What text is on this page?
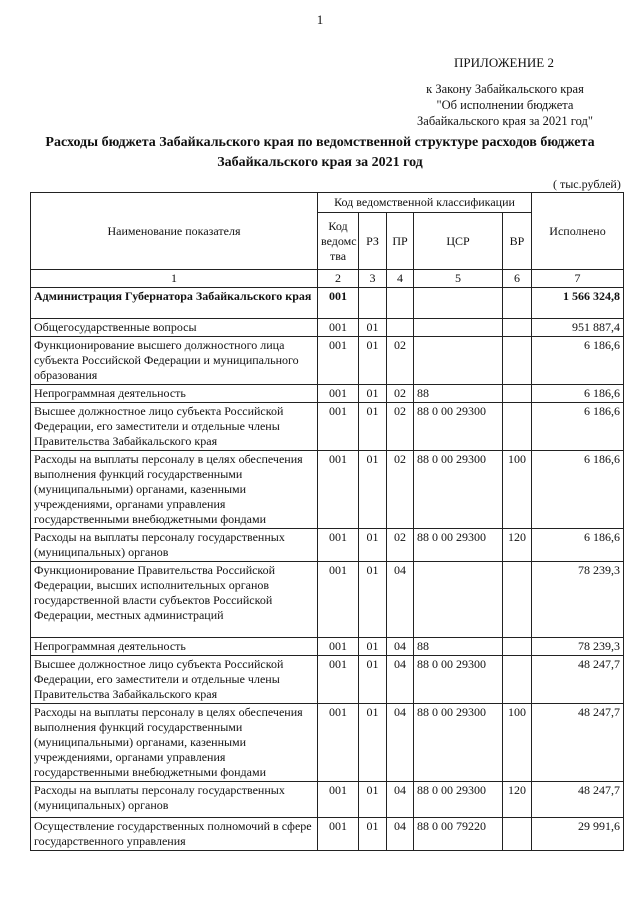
1
ПРИЛОЖЕНИЕ 2
к Закону Забайкальского края
"Об исполнении бюджета
Забайкальского края за 2021 год"
Расходы бюджета Забайкальского края по ведомственной структуре расходов бюджета
Забайкальского края за 2021 год
( тыс.рублей)
Наименование показателя	Код ведомственной классификации					Исполнено
	Код ведомс тва	РЗ	ПР	ЦСР	ВР	
1	2	3	4	5	6	7
Администрация Губернатора Забайкальского края	001					1 566 324,8
Общегосударственные вопросы	001	01				951 887,4
Функционирование высшего должностного лица субъекта Российской Федерации и муниципального образования	001	01	02			6 186,6
Непрограммная деятельность	001	01	02	88		6 186,6
Высшее должностное лицо субъекта Российской Федерации, его заместители и отдельные члены Правительства Забайкальского края	001	01	02	88 0 00 29300		6 186,6
Расходы на выплаты персоналу в целях обеспечения выполнения функций государственными (муниципальными) органами, казенными учреждениями, органами управления государственными внебюджетными фондами	001	01	02	88 0 00 29300	100	6 186,6
Расходы на выплаты персоналу государственных (муниципальных) органов	001	01	02	88 0 00 29300	120	6 186,6
Функционирование Правительства Российской Федерации, высших исполнительных органов государственной власти субъектов Российской Федерации, местных администраций	001	01	04			78 239,3
Непрограммная деятельность	001	01	04	88		78 239,3
Высшее должностное лицо субъекта Российской Федерации, его заместители и отдельные члены Правительства Забайкальского края	001	01	04	88 0 00 29300		48 247,7
Расходы на выплаты персоналу в целях обеспечения выполнения функций государственными (муниципальными) органами, казенными учреждениями, органами управления государственными внебюджетными фондами	001	01	04	88 0 00 29300	100	48 247,7
Расходы на выплаты персоналу государственных (муниципальных) органов	001	01	04	88 0 00 29300	120	48 247,7
Осуществление государственных полномочий в сфере государственного управления	001	01	04	88 0 00 79220		29 991,6
